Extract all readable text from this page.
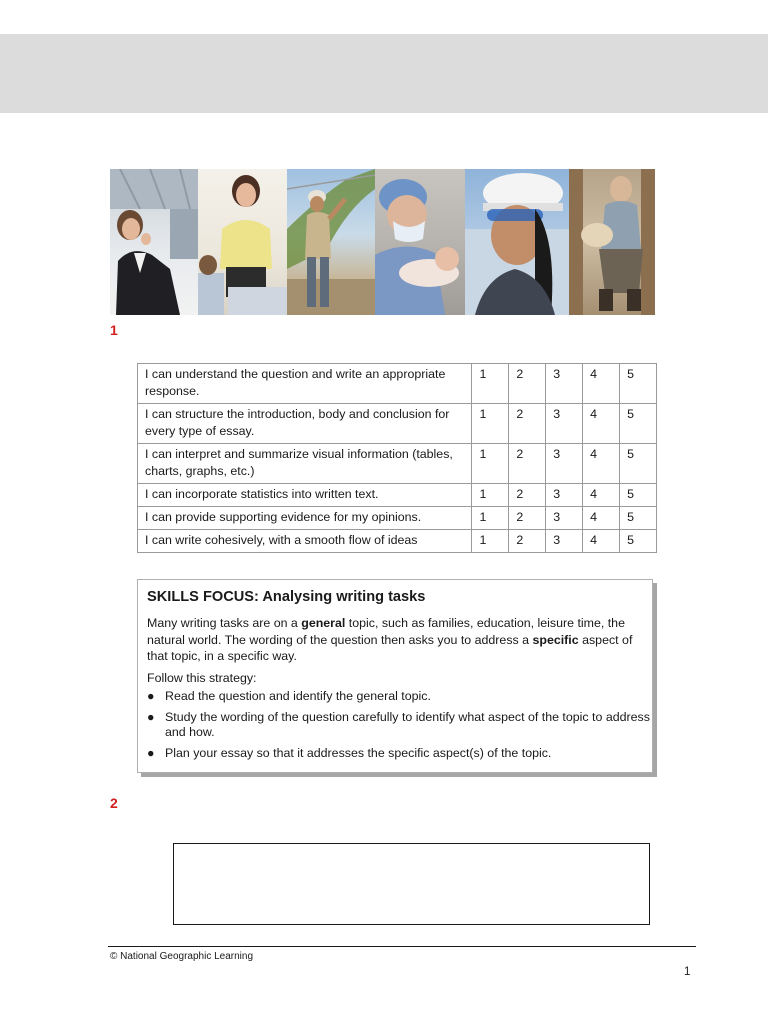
1
I can understand the question and write an appropriate response.	1	2	3	4	5
I can structure the introduction, body and conclusion for every type of essay.	1	2	3	4	5
I can interpret and summarize visual information (tables, charts, graphs, etc.)	1	2	3	4	5
I can incorporate statistics into written text.	1	2	3	4	5
I can provide supporting evidence for my opinions.	1	2	3	4	5
I can write cohesively, with a smooth flow of ideas	1	2	3	4	5
SKILLS FOCUS: Analysing writing tasks

Many writing tasks are on a general topic, such as families, education, leisure time, the natural world. The wording of the question then asks you to address a specific aspect of that topic, in a specific way.

Follow this strategy:
● Read the question and identify the general topic.
● Study the wording of the question carefully to identify what aspect of the topic to address and how.
● Plan your essay so that it addresses the specific aspect(s) of the topic.
2
© National Geographic Learning
1
